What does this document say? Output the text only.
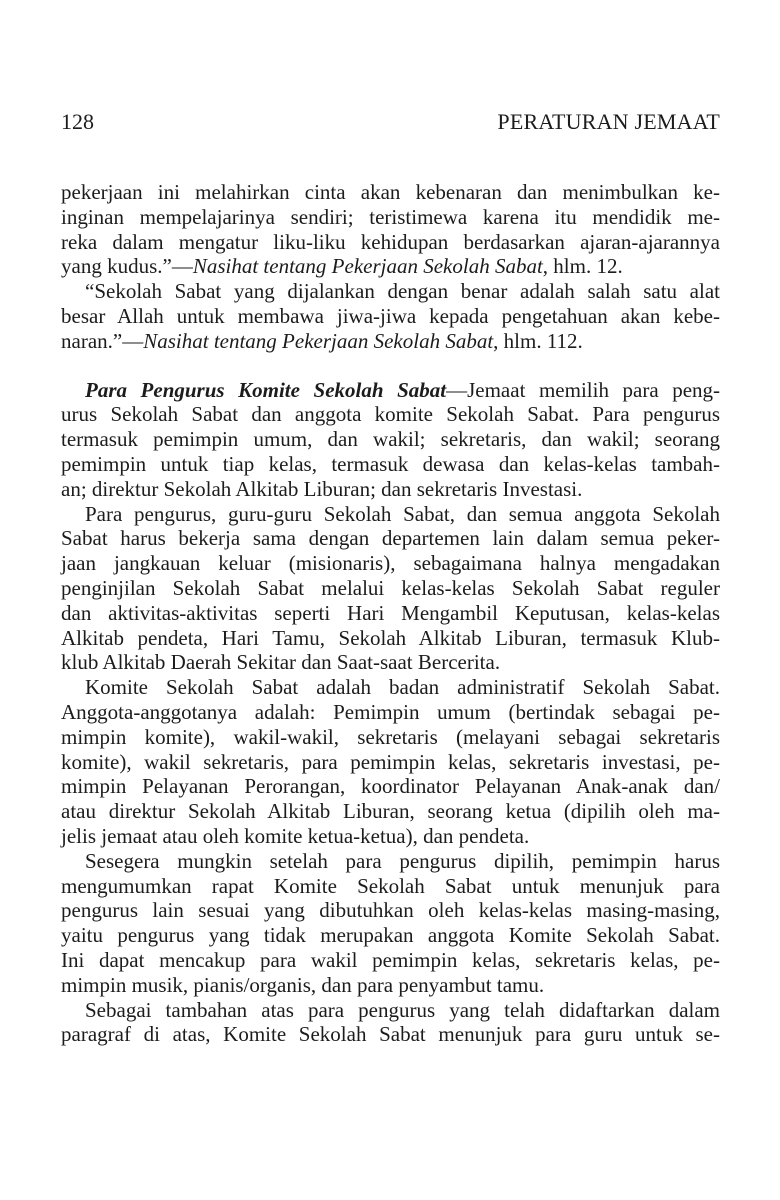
128	PERATURAN JEMAAT
pekerjaan ini melahirkan cinta akan kebenaran dan menimbulkan ke-
inginan mempelajarinya sendiri; teristimewa karena itu mendidik me-
reka dalam mengatur liku-liku kehidupan berdasarkan ajaran-ajarannya
yang kudus.”—Nasihat tentang Pekerjaan Sekolah Sabat, hlm. 12.
“Sekolah Sabat yang dijalankan dengan benar adalah salah satu alat
besar Allah untuk membawa jiwa-jiwa kepada pengetahuan akan kebe-
naran.”—Nasihat tentang Pekerjaan Sekolah Sabat, hlm. 112.
Para Pengurus Komite Sekolah Sabat—Jemaat memilih para peng-
urus Sekolah Sabat dan anggota komite Sekolah Sabat. Para pengurus
termasuk pemimpin umum, dan wakil; sekretaris, dan wakil; seorang
pemimpin untuk tiap kelas, termasuk dewasa dan kelas-kelas tambah-
an; direktur Sekolah Alkitab Liburan; dan sekretaris Investasi.
Para pengurus, guru-guru Sekolah Sabat, dan semua anggota Sekolah
Sabat harus bekerja sama dengan departemen lain dalam semua peker-
jaan jangkauan keluar (misionaris), sebagaimana halnya mengadakan
penginjilan Sekolah Sabat melalui kelas-kelas Sekolah Sabat reguler
dan aktivitas-aktivitas seperti Hari Mengambil Keputusan, kelas-kelas
Alkitab pendeta, Hari Tamu, Sekolah Alkitab Liburan, termasuk Klub-
klub Alkitab Daerah Sekitar dan Saat-saat Bercerita.
Komite Sekolah Sabat adalah badan administratif Sekolah Sabat.
Anggota-anggotanya adalah: Pemimpin umum (bertindak sebagai pe-
mimpin komite), wakil-wakil, sekretaris (melayani sebagai sekretaris
komite), wakil sekretaris, para pemimpin kelas, sekretaris investasi, pe-
mimpin Pelayanan Perorangan, koordinator Pelayanan Anak-anak dan/
atau direktur Sekolah Alkitab Liburan, seorang ketua (dipilih oleh ma-
jelis jemaat atau oleh komite ketua-ketua), dan pendeta.
Sesegera mungkin setelah para pengurus dipilih, pemimpin harus
mengumumkan rapat Komite Sekolah Sabat untuk menunjuk para
pengurus lain sesuai yang dibutuhkan oleh kelas-kelas masing-masing,
yaitu pengurus yang tidak merupakan anggota Komite Sekolah Sabat.
Ini dapat mencakup para wakil pemimpin kelas, sekretaris kelas, pe-
mimpin musik, pianis/organis, dan para penyambut tamu.
Sebagai tambahan atas para pengurus yang telah didaftarkan dalam
paragraf di atas, Komite Sekolah Sabat menunjuk para guru untuk se-
